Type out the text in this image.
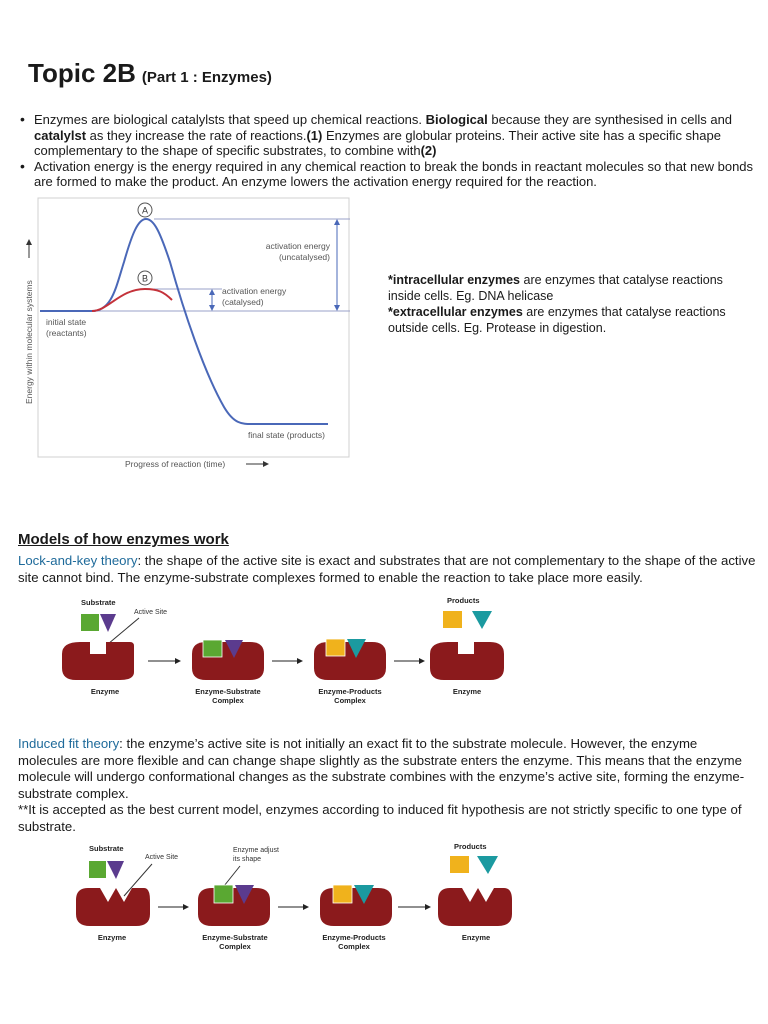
Topic 2B (Part 1 : Enzymes)
• Enzymes are biological catalylsts that speed up chemical reactions. Biological because they are synthesised in cells and catalylst as they increase the rate of reactions.(1) Enzymes are globular proteins. Their active site has a specific shape complementary to the shape of specific substrates, to combine with(2)
• Activation energy is the energy required in any chemical reaction to break the bonds in reactant molecules so that new bonds are formed to make the product. An enzyme lowers the activation energy required for the reaction.
A
B
activation energy
(uncatalysed)
activation energy
(catalysed)
initial state
(reactants)
final state (products)
Energy within molecular systems
Progress of reaction (time)
*intracellular enzymes are enzymes that catalyse reactions inside cells. Eg. DNA helicase
*extracellular enzymes are enzymes that catalyse reactions outside cells. Eg. Protease in digestion.
Models of how enzymes work
Lock-and-key theory: the shape of the active site is exact and substrates that are not complementary to the shape of the active site cannot bind. The enzyme-substrate complexes formed to enable the reaction to take place more easily.
Substrate
Active Site
Enzyme	Enzyme-Substrate
Complex
Enzyme-Products
Complex
Products
Enzyme
Induced fit theory: the enzyme’s active site is not initially an exact fit to the substrate molecule. However, the enzyme molecules are more flexible and can change shape slightly as the substrate enters the enzyme. This means that the enzyme molecule will undergo conformational changes as the substrate combines with the enzyme’s active site, forming the enzyme-substrate complex.
**It is accepted as the best current model, enzymes according to induced fit hypothesis are not strictly specific to one type of substrate.
Substrate
Active Site
Enzyme
Enzyme adjust
its shape
Enzyme-Substrate
Complex
Enzyme-Products
Complex
Products
Enzyme
